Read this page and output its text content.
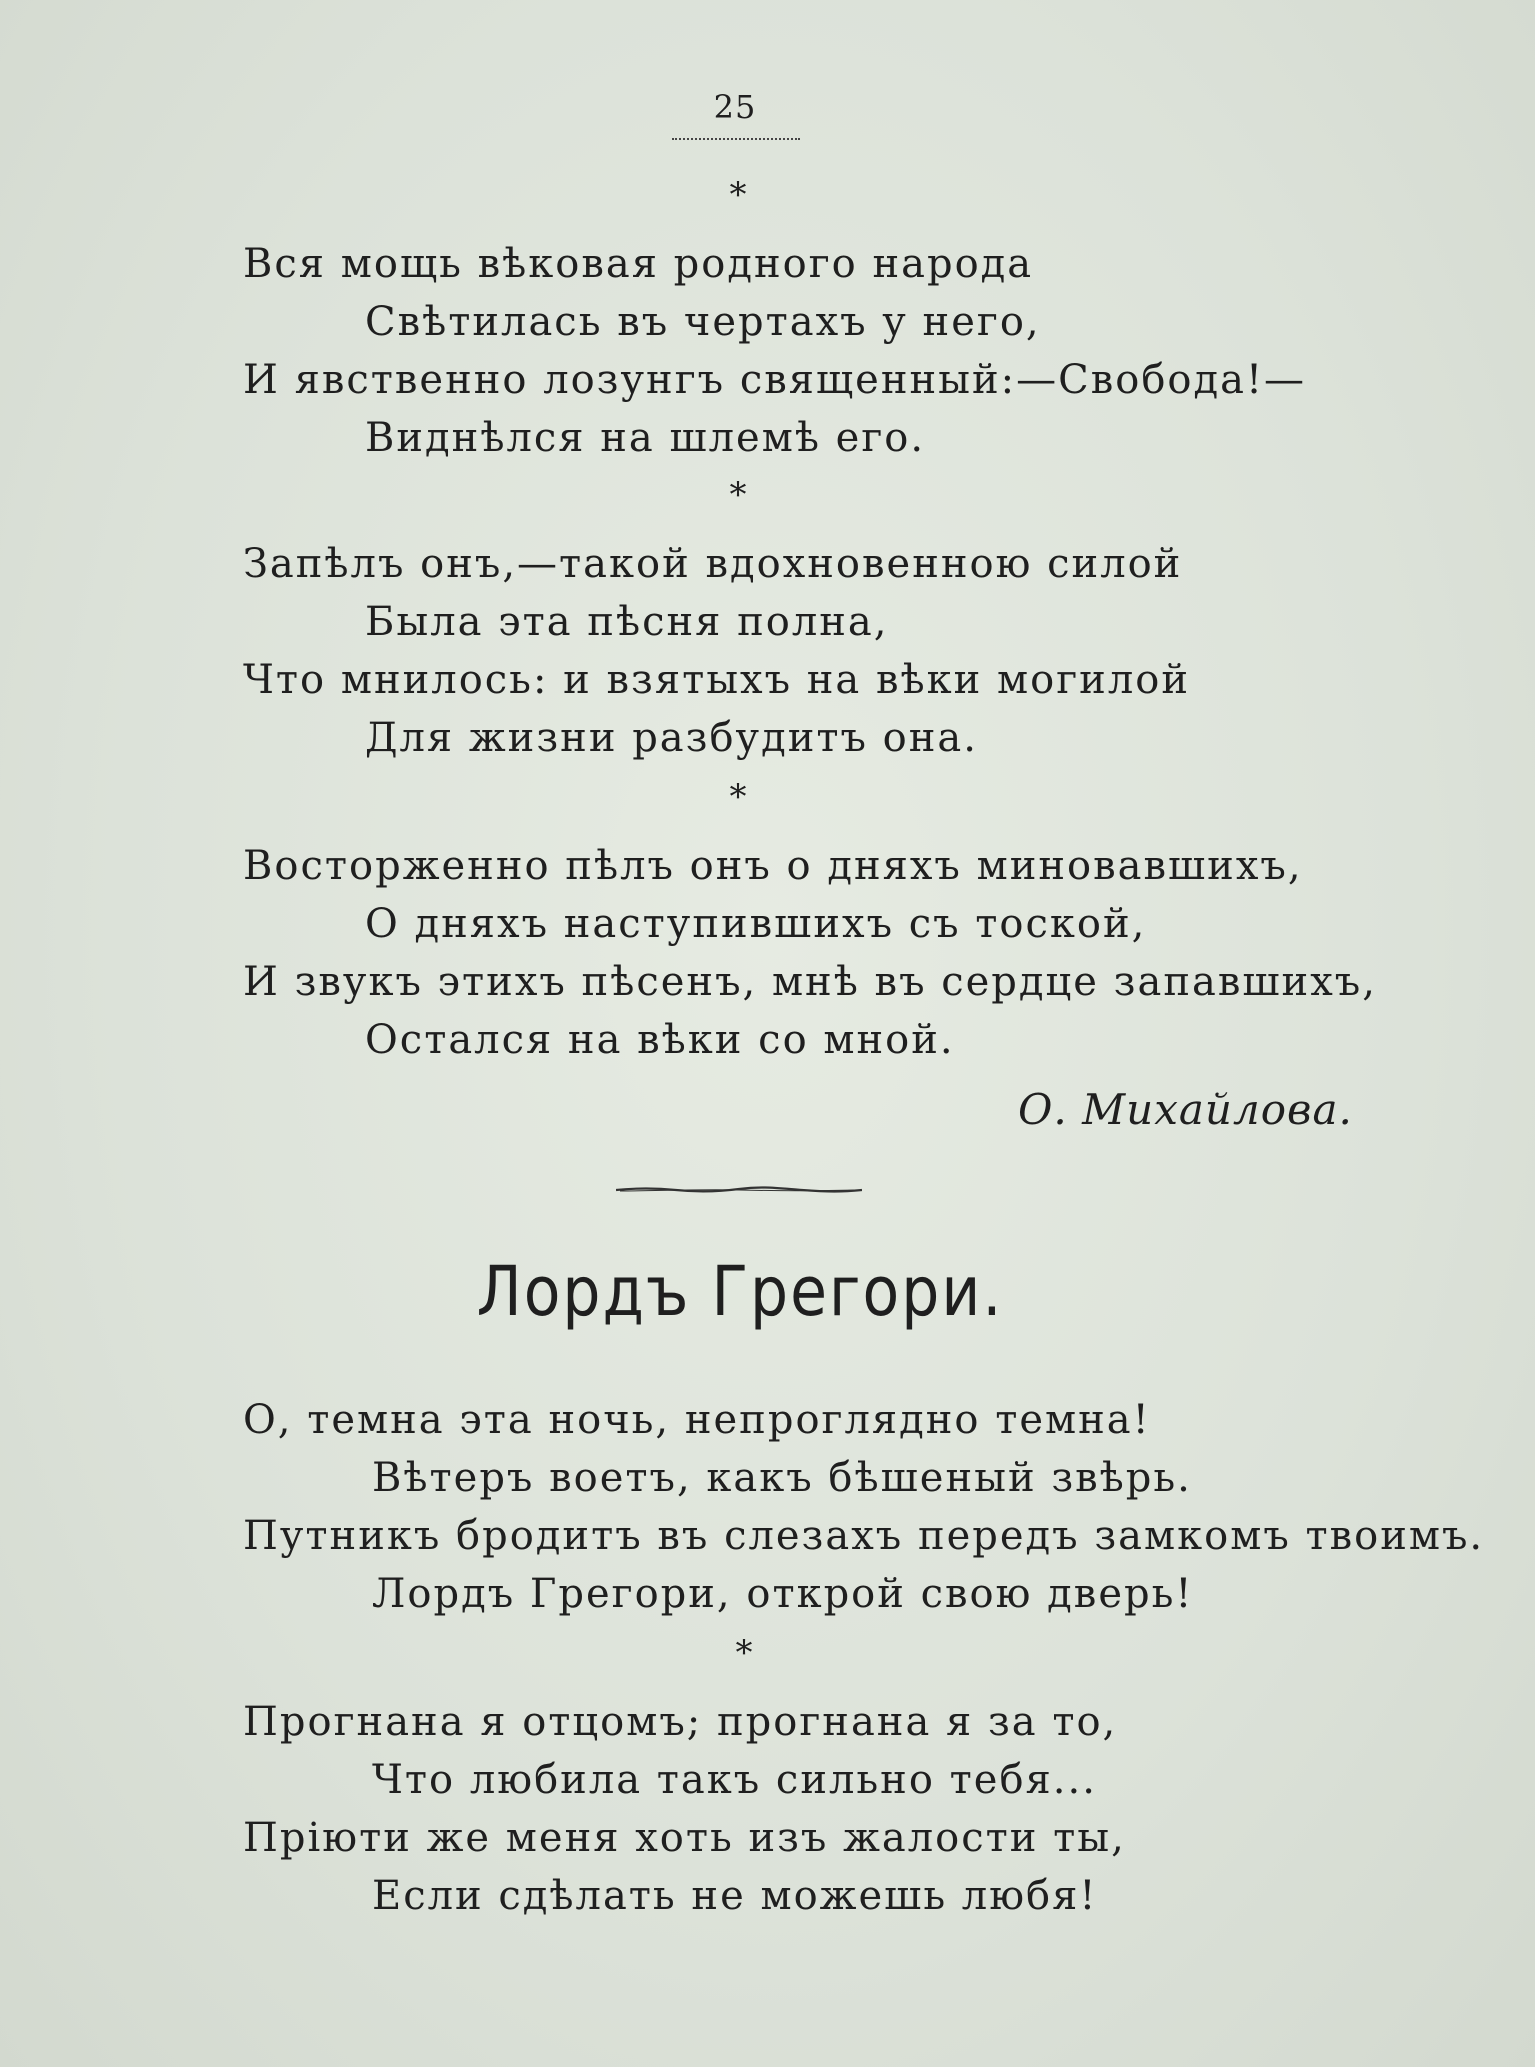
25
*
Вся мощь вѣковая родного народа
Свѣтилась въ чертахъ у него,
И явственно лозунгъ священный:—Свобода!—
Виднѣлся на шлемѣ его.
*
Запѣлъ онъ,—такой вдохновенною силой
Была эта пѣсня полна,
Что мнилось: и взятыхъ на вѣки могилой
Для жизни разбудитъ она.
*
Восторженно пѣлъ онъ о дняхъ миновавшихъ,
О дняхъ наступившихъ съ тоской,
И звукъ этихъ пѣсенъ, мнѣ въ сердце запавшихъ,
Остался на вѣки со мной.
О. Михайлова.
Лордъ Грегори.
О, темна эта ночь, непроглядно темна!
Вѣтеръ воетъ, какъ бѣшеный звѣрь.
Путникъ бродитъ въ слезахъ передъ замкомъ твоимъ.
Лордъ Грегори, открой свою дверь!
*
Прогнана я отцомъ; прогнана я за то,
Что любила такъ сильно тебя...
Пріюти же меня хоть изъ жалости ты,
Если сдѣлать не можешь любя!
